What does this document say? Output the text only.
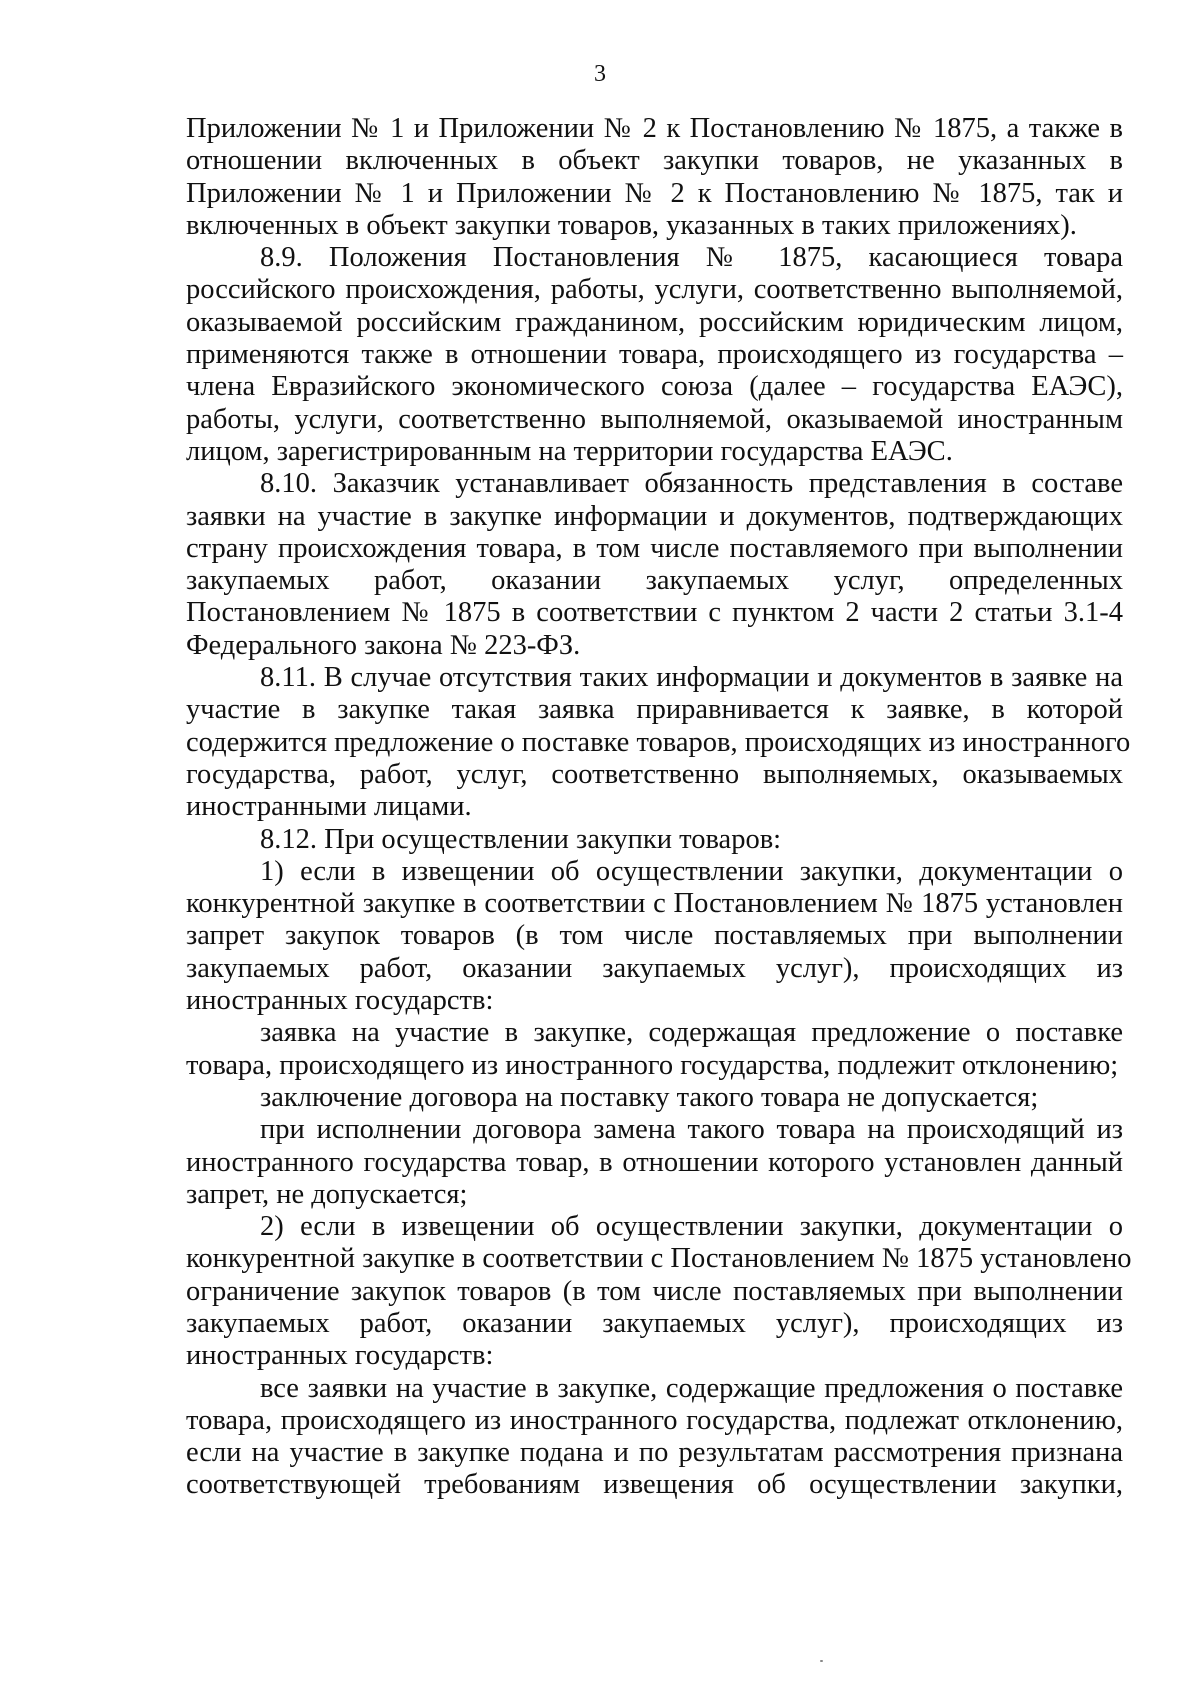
3
Приложении № 1 и Приложении № 2 к Постановлению № 1875, а также в
отношении включенных в объект закупки товаров, не указанных в
Приложении № 1 и Приложении № 2 к Постановлению № 1875, так и
включенных в объект закупки товаров, указанных в таких приложениях).
8.9. Положения Постановления № 1875, касающиеся товара
российского происхождения, работы, услуги, соответственно выполняемой,
оказываемой российским гражданином, российским юридическим лицом,
применяются также в отношении товара, происходящего из государства –
члена Евразийского экономического союза (далее – государства ЕАЭС),
работы, услуги, соответственно выполняемой, оказываемой иностранным
лицом, зарегистрированным на территории государства ЕАЭС.
8.10. Заказчик устанавливает обязанность представления в составе
заявки на участие в закупке информации и документов, подтверждающих
страну происхождения товара, в том числе поставляемого при выполнении
закупаемых работ, оказании закупаемых услуг, определенных
Постановлением № 1875 в соответствии с пунктом 2 части 2 статьи 3.1-4
Федерального закона № 223-ФЗ.
8.11. В случае отсутствия таких информации и документов в заявке на
участие в закупке такая заявка приравнивается к заявке, в которой
содержится предложение о поставке товаров, происходящих из иностранного
государства, работ, услуг, соответственно выполняемых, оказываемых
иностранными лицами.
8.12. При осуществлении закупки товаров:
1) если в извещении об осуществлении закупки, документации о
конкурентной закупке в соответствии с Постановлением № 1875 установлен
запрет закупок товаров (в том числе поставляемых при выполнении
закупаемых работ, оказании закупаемых услуг), происходящих из
иностранных государств:
заявка на участие в закупке, содержащая предложение о поставке
товара, происходящего из иностранного государства, подлежит отклонению;
заключение договора на поставку такого товара не допускается;
при исполнении договора замена такого товара на происходящий из
иностранного государства товар, в отношении которого установлен данный
запрет, не допускается;
2) если в извещении об осуществлении закупки, документации о
конкурентной закупке в соответствии с Постановлением № 1875 установлено
ограничение закупок товаров (в том числе поставляемых при выполнении
закупаемых работ, оказании закупаемых услуг), происходящих из
иностранных государств:
все заявки на участие в закупке, содержащие предложения о поставке
товара, происходящего из иностранного государства, подлежат отклонению,
если на участие в закупке подана и по результатам рассмотрения признана
соответствующей требованиям извещения об осуществлении закупки,
